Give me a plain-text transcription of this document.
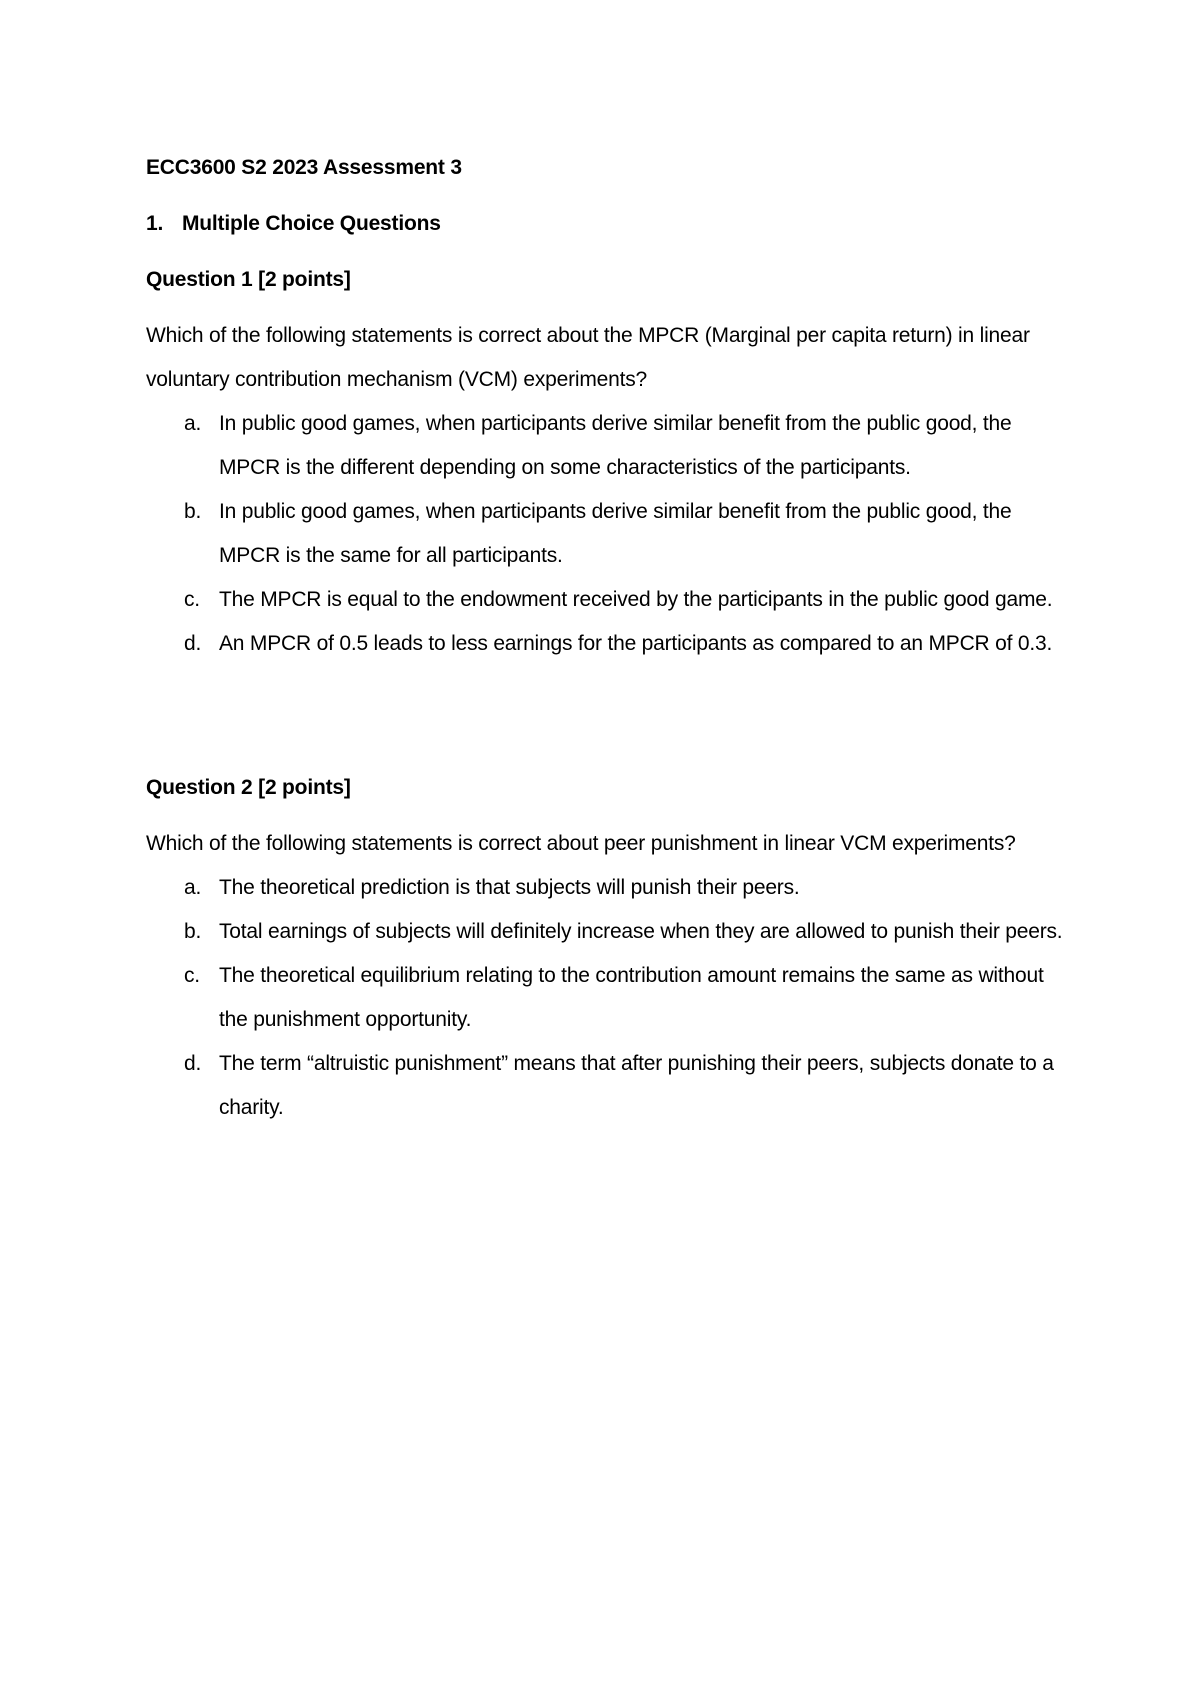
ECC3600 S2 2023 Assessment 3
1. Multiple Choice Questions
Question 1 [2 points]
Which of the following statements is correct about the MPCR (Marginal per capita return) in linear voluntary contribution mechanism (VCM) experiments?
a. In public good games, when participants derive similar benefit from the public good, the MPCR is the different depending on some characteristics of the participants.
b. In public good games, when participants derive similar benefit from the public good, the MPCR is the same for all participants.
c. The MPCR is equal to the endowment received by the participants in the public good game.
d. An MPCR of 0.5 leads to less earnings for the participants as compared to an MPCR of 0.3.
Question 2 [2 points]
Which of the following statements is correct about peer punishment in linear VCM experiments?
a. The theoretical prediction is that subjects will punish their peers.
b. Total earnings of subjects will definitely increase when they are allowed to punish their peers.
c. The theoretical equilibrium relating to the contribution amount remains the same as without the punishment opportunity.
d. The term “altruistic punishment” means that after punishing their peers, subjects donate to a charity.
